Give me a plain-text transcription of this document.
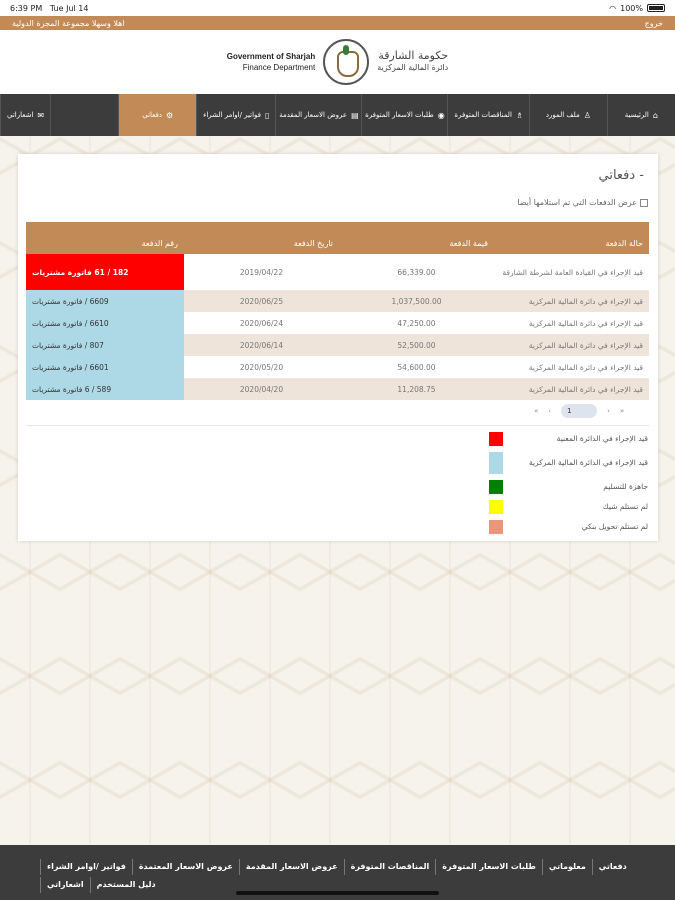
6:39 PM Tue Jul 14	◠ 100%
خروج
اهلا وسهلا مجموعة المجرة الدولية
Government of Sharjah
Finance Department
حكومة الشارقة
دائرة المالية المركزية
⌂
الرئيسية
♙
ملف المورد
♗
المناقصات المتوفرة
◉
طلبات الاسعار المتوفرة
▤
عروض الاسعار المقدمة
▯
فواتير /اوامر الشراء
⚙
دفعاتي
✉
اشعاراتي
- دفعاتي
عرض الدفعات التي تم استلامها أيضا
حالة الدفعة	قيمة الدفعة	تاريخ الدفعة	رقم الدفعة
قيد الإجراء في القيادة العامة لشرطة الشارقة	66,339.00	2019/04/22	182 / 61 فاتورة مشتريات
قيد الإجراء في دائرة المالية المركزية	1,037,500.00	2020/06/25	6609 / فاتورة مشتريات
قيد الإجراء في دائرة المالية المركزية	47,250.00	2020/06/24	6610 / فاتورة مشتريات
قيد الإجراء في دائرة المالية المركزية	52,500.00	2020/06/14	807 / فاتورة مشتريات
قيد الإجراء في دائرة المالية المركزية	54,600.00	2020/05/20	6601 / فاتورة مشتريات
قيد الإجراء في دائرة المالية المركزية	11,208.75	2020/04/20	589 / 6 فاتورة مشتريات
« ‹	1	› »
قيد الإجراء في الدائرة المعنية
قيد الإجراء في الدائرة المالية المركزية
جاهزة للتسليم
لم تستلم شيك
لم تستلم تحويل بنكي
فواتير /اوامر الشراء	عروض الاسعار المعتمدة	عروض الاسعار المقدمة	المناقصات المتوفرة	طلبات الاسعار المتوفرة	معلوماتي	دفعاتي
اشعاراتي	دليل المستخدم
